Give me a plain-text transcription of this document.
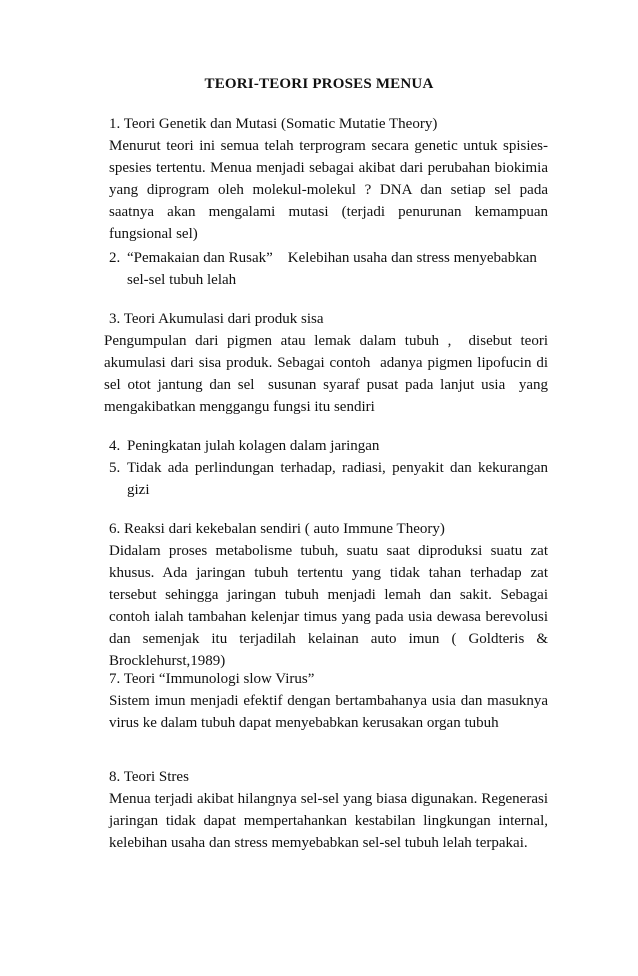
TEORI-TEORI PROSES MENUA

1. Teori Genetik dan Mutasi (Somatic Mutatie Theory)

Menurut teori ini semua telah terprogram secara genetic untuk spisies-spesies tertentu. Menua menjadi sebagai akibat dari perubahan biokimia yang diprogram oleh molekul-molekul ? DNA dan setiap sel pada saatnya akan mengalami mutasi (terjadi penurunan kemampuan fungsional sel)

2. “Pemakaian dan Rusak”    Kelebihan usaha dan stress menyebabkan sel-sel tubuh lelah

3. Teori Akumulasi dari produk sisa

Pengumpulan dari pigmen atau lemak dalam tubuh ,  disebut teori akumulasi dari sisa produk. Sebagai contoh  adanya pigmen lipofucin di sel otot jantung dan sel  susunan syaraf pusat pada lanjut usia  yang mengakibatkan menggangu fungsi itu sendiri

4. Peningkatan julah kolagen dalam jaringan
5. Tidak ada perlindungan terhadap, radiasi, penyakit dan kekurangan gizi

6. Reaksi dari kekebalan sendiri ( auto Immune Theory)

Didalam proses metabolisme tubuh, suatu saat diproduksi suatu zat khusus. Ada jaringan tubuh tertentu yang tidak tahan terhadap zat tersebut sehingga jaringan tubuh menjadi lemah dan sakit. Sebagai contoh ialah tambahan kelenjar timus yang pada usia dewasa berevolusi dan semenjak itu terjadilah kelainan auto imun ( Goldteris & Brocklehurst,1989)

7. Teori “Immunologi slow Virus”

Sistem imun menjadi efektif dengan bertambahanya usia dan masuknya virus ke dalam tubuh dapat menyebabkan kerusakan organ tubuh

8. Teori Stres

Menua terjadi akibat hilangnya sel-sel yang biasa digunakan. Regenerasi jaringan tidak dapat mempertahankan kestabilan lingkungan internal, kelebihan usaha dan stress memyebabkan sel-sel tubuh lelah terpakai.
